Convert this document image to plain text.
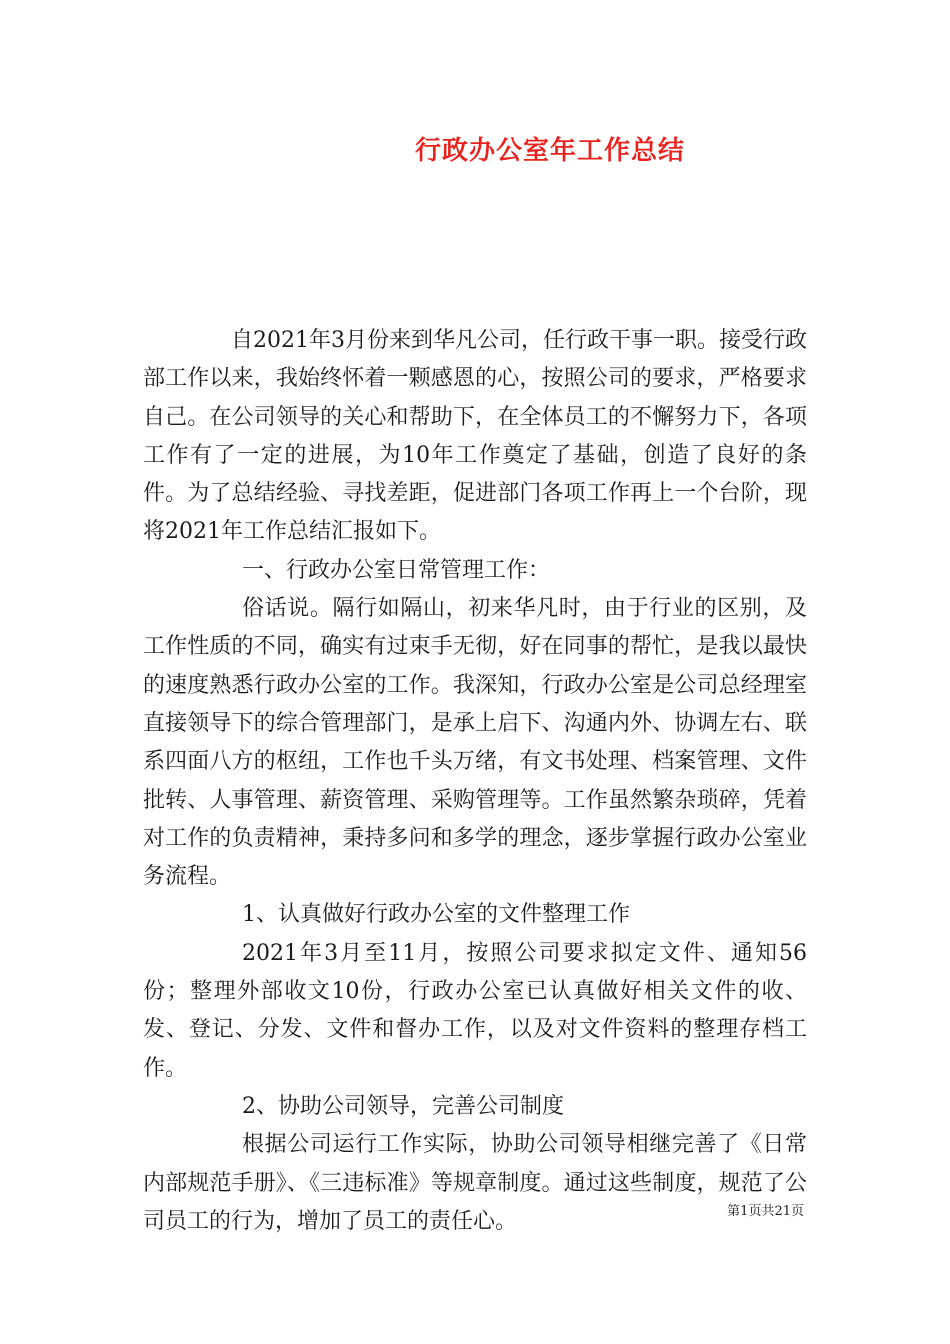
行政办公室年工作总结

自2021年3月份来到华凡公司，任行政干事一职。接受行政部工作以来，我始终怀着一颗感恩的心，按照公司的要求，严格要求自己。在公司领导的关心和帮助下，在全体员工的不懈努力下，各项工作有了一定的进展，为10年工作奠定了基础，创造了良好的条件。为了总结经验、寻找差距，促进部门各项工作再上一个台阶，现将2021年工作总结汇报如下。

一、行政办公室日常管理工作：

俗话说。隔行如隔山，初来华凡时，由于行业的区别，及工作性质的不同，确实有过束手无彻，好在同事的帮忙，是我以最快的速度熟悉行政办公室的工作。我深知，行政办公室是公司总经理室直接领导下的综合管理部门，是承上启下、沟通内外、协调左右、联系四面八方的枢纽，工作也千头万绪，有文书处理、档案管理、文件批转、人事管理、薪资管理、采购管理等。工作虽然繁杂琐碎，凭着对工作的负责精神，秉持多问和多学的理念，逐步掌握行政办公室业务流程。

1、认真做好行政办公室的文件整理工作

2021年3月至11月，按照公司要求拟定文件、通知56份；整理外部收文10份，行政办公室已认真做好相关文件的收、发、登记、分发、文件和督办工作，以及对文件资料的整理存档工作。

2、协助公司领导，完善公司制度

根据公司运行工作实际，协助公司领导相继完善了《日常内部规范手册》、《三违标准》等规章制度。通过这些制度，规范了公司员工的行为，增加了员工的责任心。	第1页共21页
